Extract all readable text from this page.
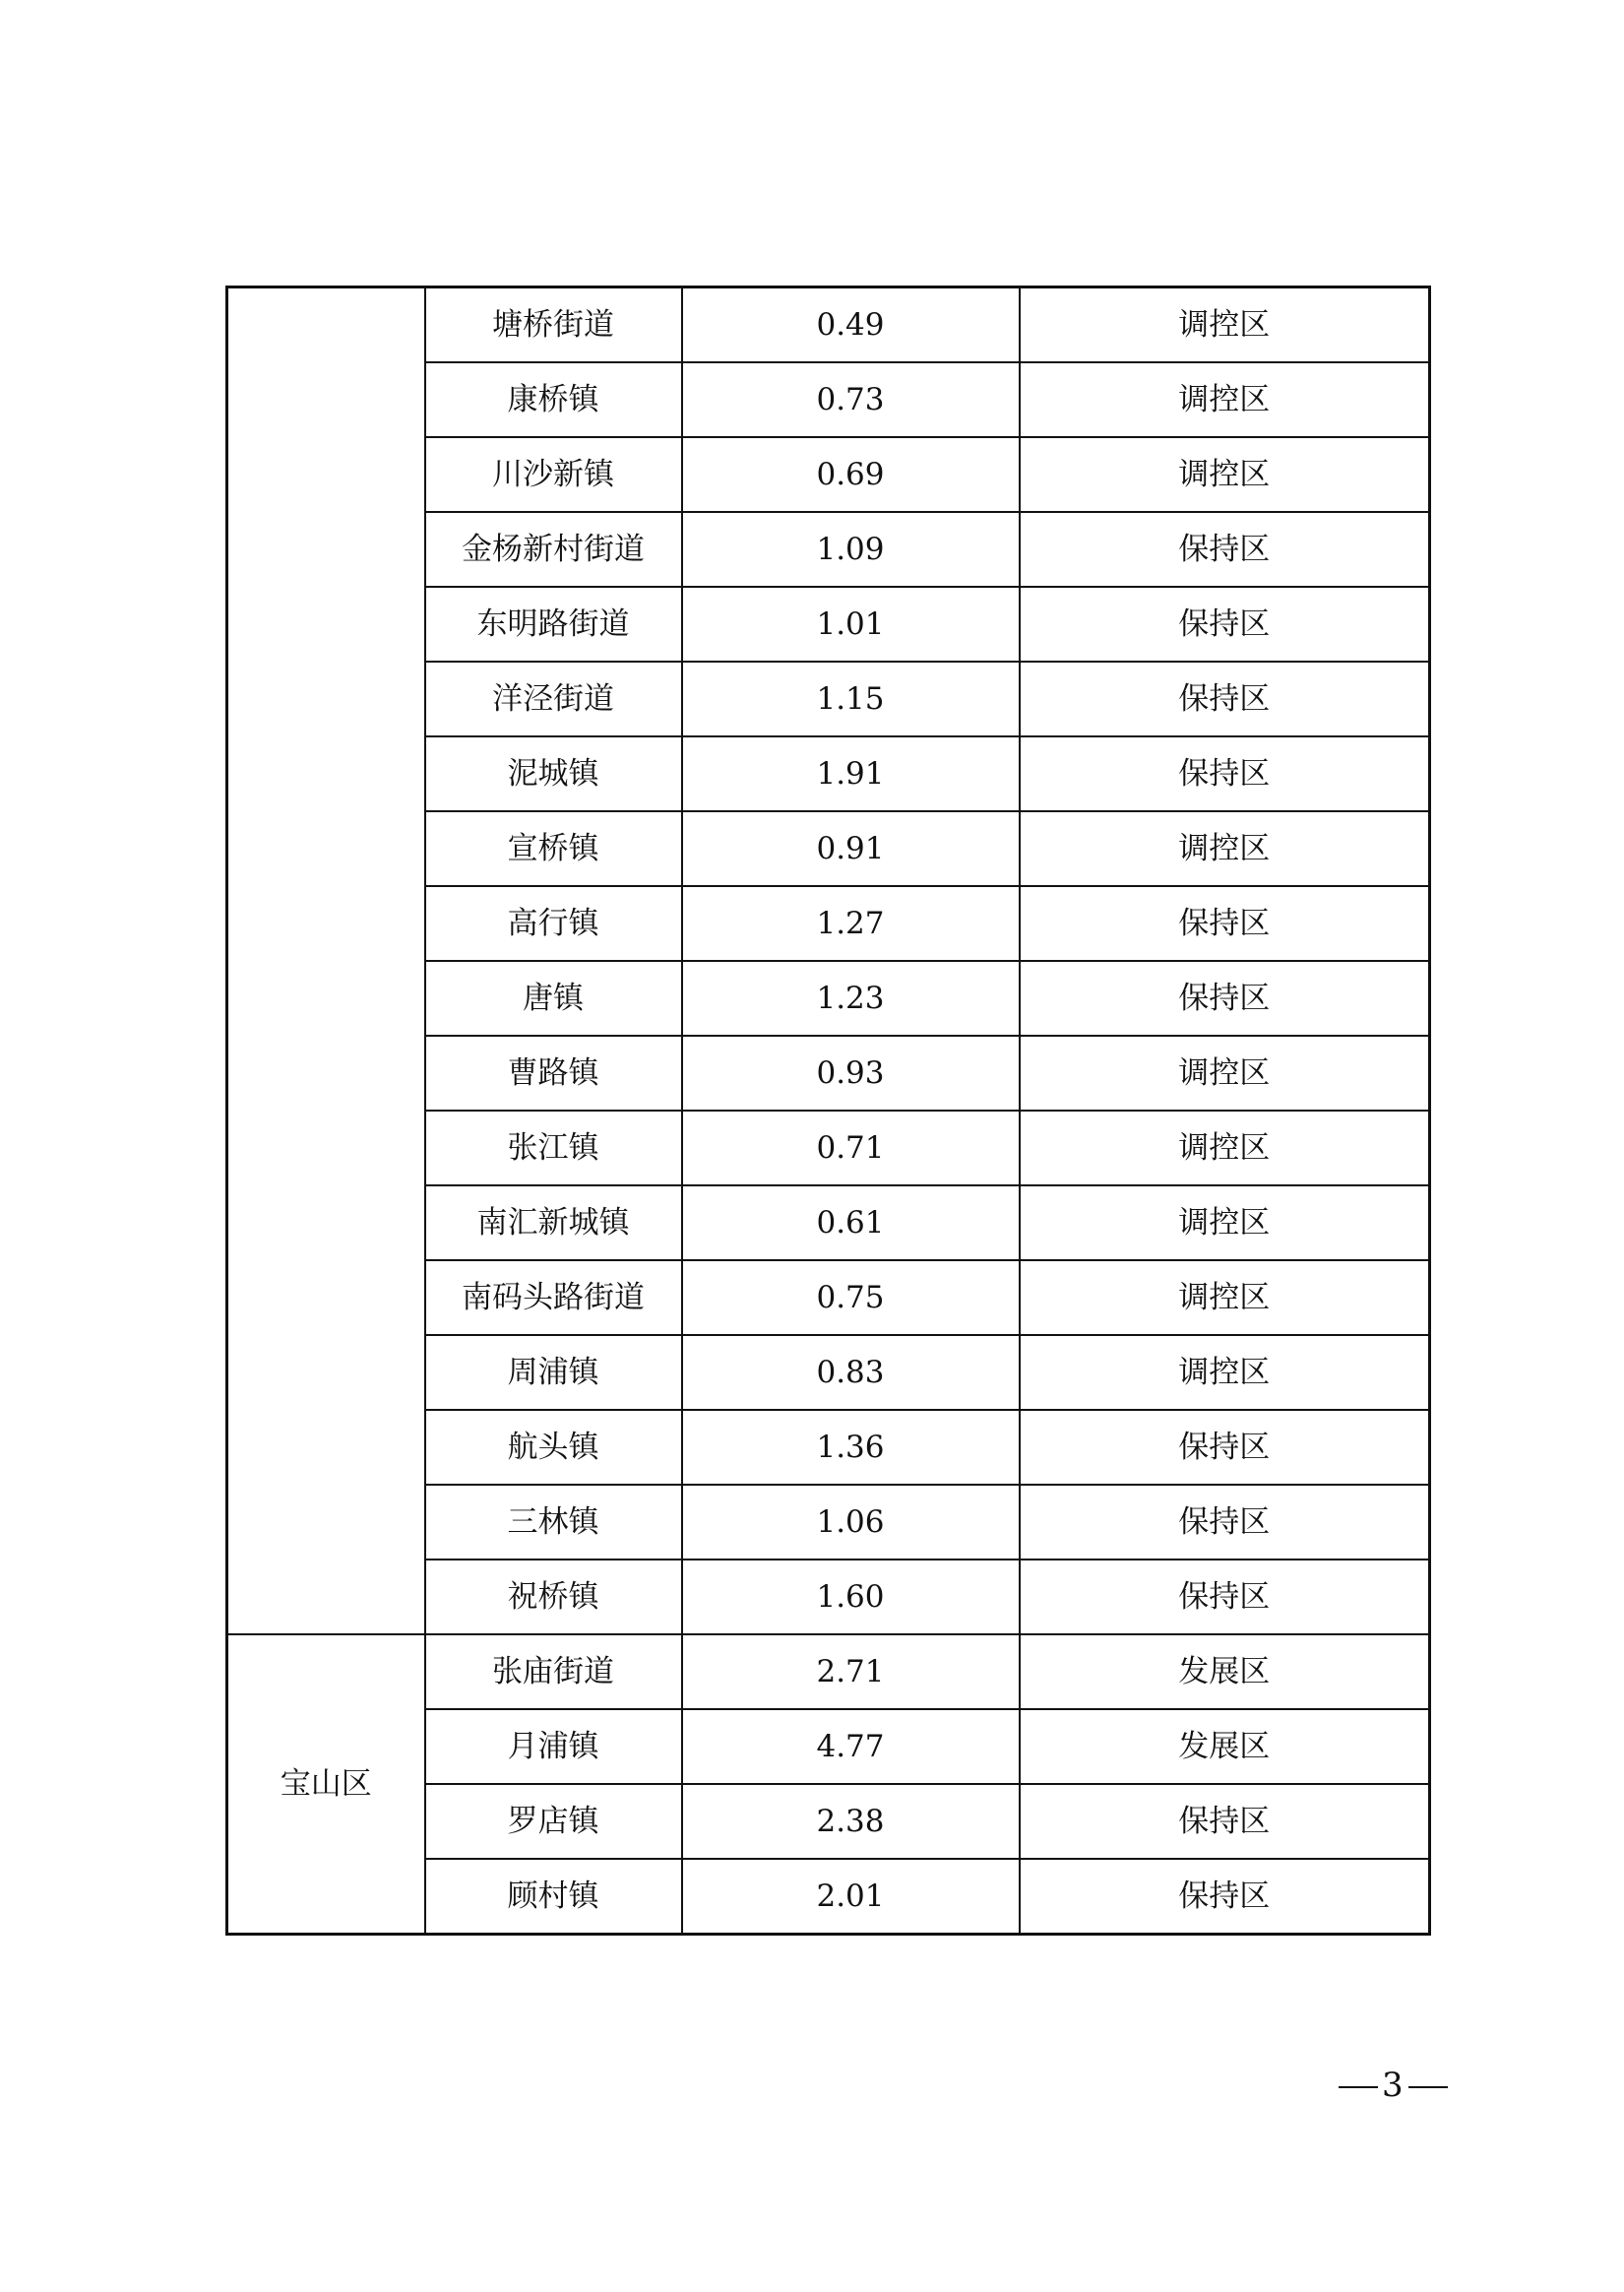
	塘桥街道	0.49	调控区
	康桥镇	0.73	调控区
	川沙新镇	0.69	调控区
	金杨新村街道	1.09	保持区
	东明路街道	1.01	保持区
	洋泾街道	1.15	保持区
	泥城镇	1.91	保持区
	宣桥镇	0.91	调控区
	高行镇	1.27	保持区
	唐镇	1.23	保持区
	曹路镇	0.93	调控区
	张江镇	0.71	调控区
	南汇新城镇	0.61	调控区
	南码头路街道	0.75	调控区
	周浦镇	0.83	调控区
	航头镇	1.36	保持区
	三林镇	1.06	保持区
	祝桥镇	1.60	保持区
宝山区	张庙街道	2.71	发展区
	月浦镇	4.77	发展区
	罗店镇	2.38	保持区
	顾村镇	2.01	保持区
3
